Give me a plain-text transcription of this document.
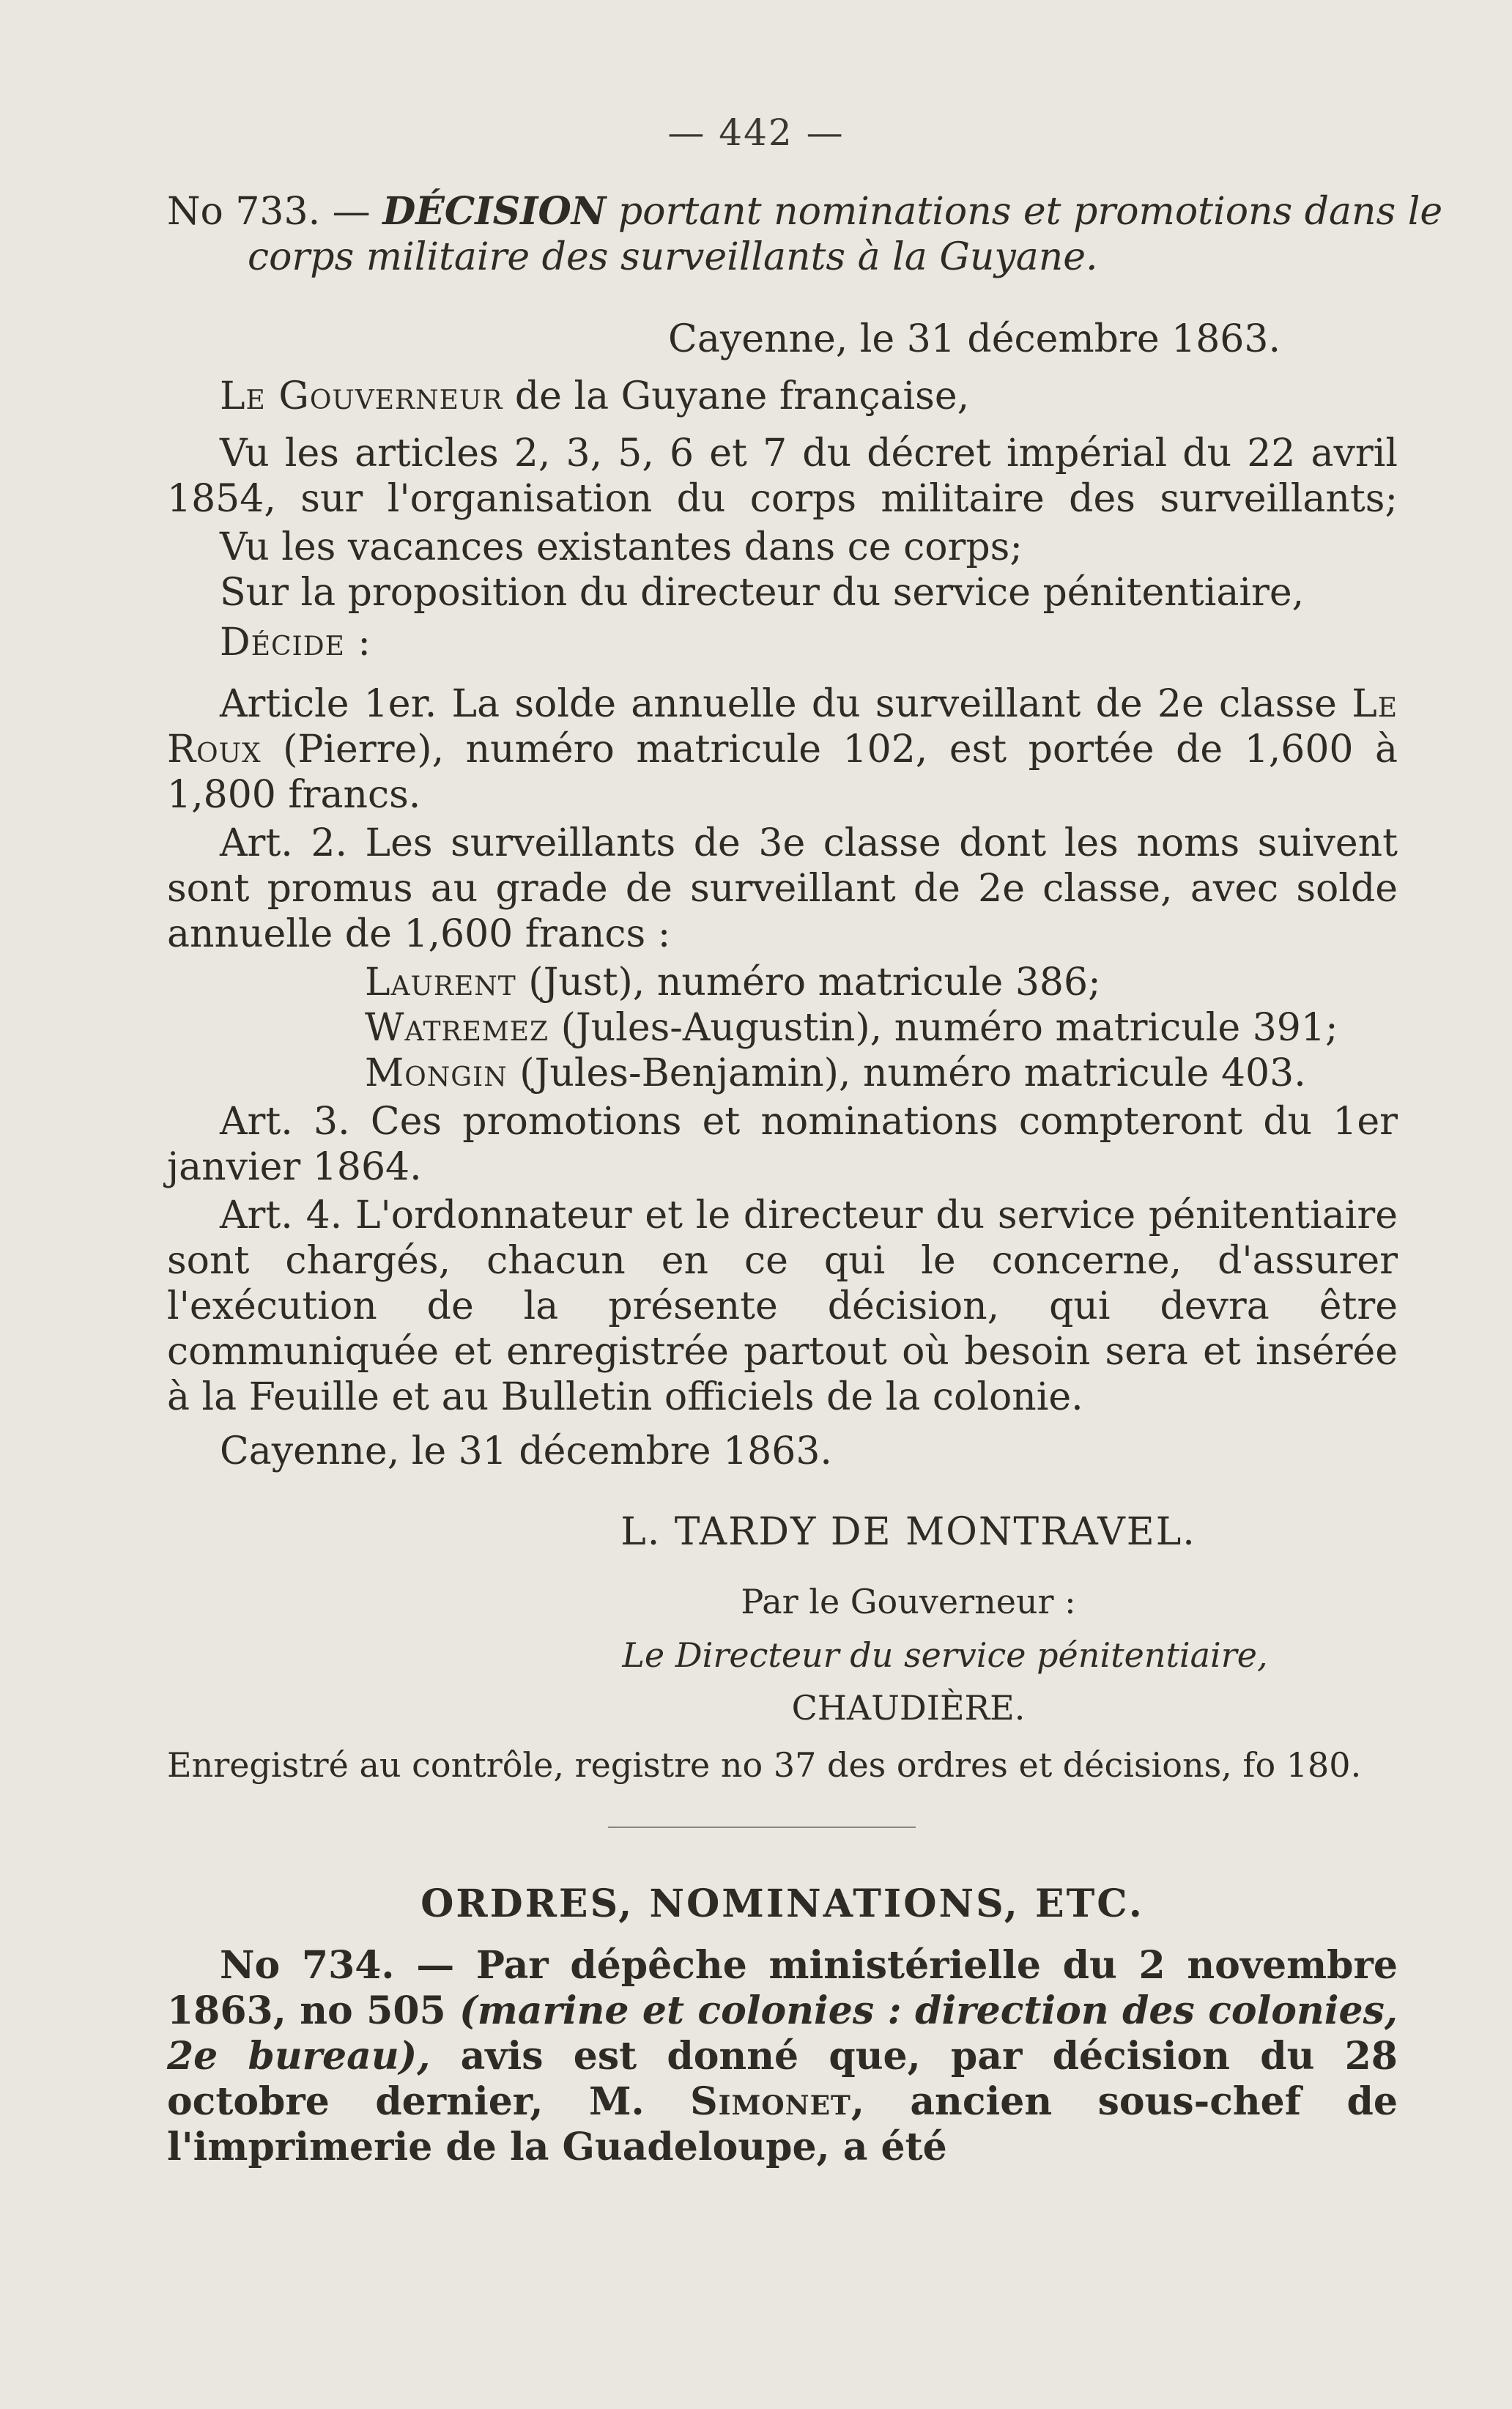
— 442 —
No 733. — DÉCISION portant nominations et promotions dans le corps militaire des surveillants à la Guyane.
Cayenne, le 31 décembre 1863.
Le Gouverneur de la Guyane française,
Vu les articles 2, 3, 5, 6 et 7 du décret impérial du 22 avril 1854, sur l'organisation du corps militaire des surveillants;
Vu les vacances existantes dans ce corps;
Sur la proposition du directeur du service pénitentiaire,
Décide :
Article 1er. La solde annuelle du surveillant de 2e classe Le Roux (Pierre), numéro matricule 102, est portée de 1,600 à 1,800 francs.
Art. 2. Les surveillants de 3e classe dont les noms suivent sont promus au grade de surveillant de 2e classe, avec solde annuelle de 1,600 francs :
Laurent (Just), numéro matricule 386;
Watremez (Jules-Augustin), numéro matricule 391;
Mongin (Jules-Benjamin), numéro matricule 403.
Art. 3. Ces promotions et nominations compteront du 1er janvier 1864.
Art. 4. L'ordonnateur et le directeur du service pénitentiaire sont chargés, chacun en ce qui le concerne, d'assurer l'exécution de la présente décision, qui devra être communiquée et enregistrée partout où besoin sera et insérée à la Feuille et au Bulletin officiels de la colonie.
Cayenne, le 31 décembre 1863.
L. TARDY DE MONTRAVEL.
Par le Gouverneur :
Le Directeur du service pénitentiaire,
CHAUDIÈRE.
Enregistré au contrôle, registre no 37 des ordres et décisions, fo 180.
ORDRES, NOMINATIONS, ETC.
No 734. — Par dépêche ministérielle du 2 novembre 1863, no 505 (marine et colonies : direction des colonies, 2e bureau), avis est donné que, par décision du 28 octobre dernier, M. Simonet, ancien sous-chef de l'imprimerie de la Guadeloupe, a été
